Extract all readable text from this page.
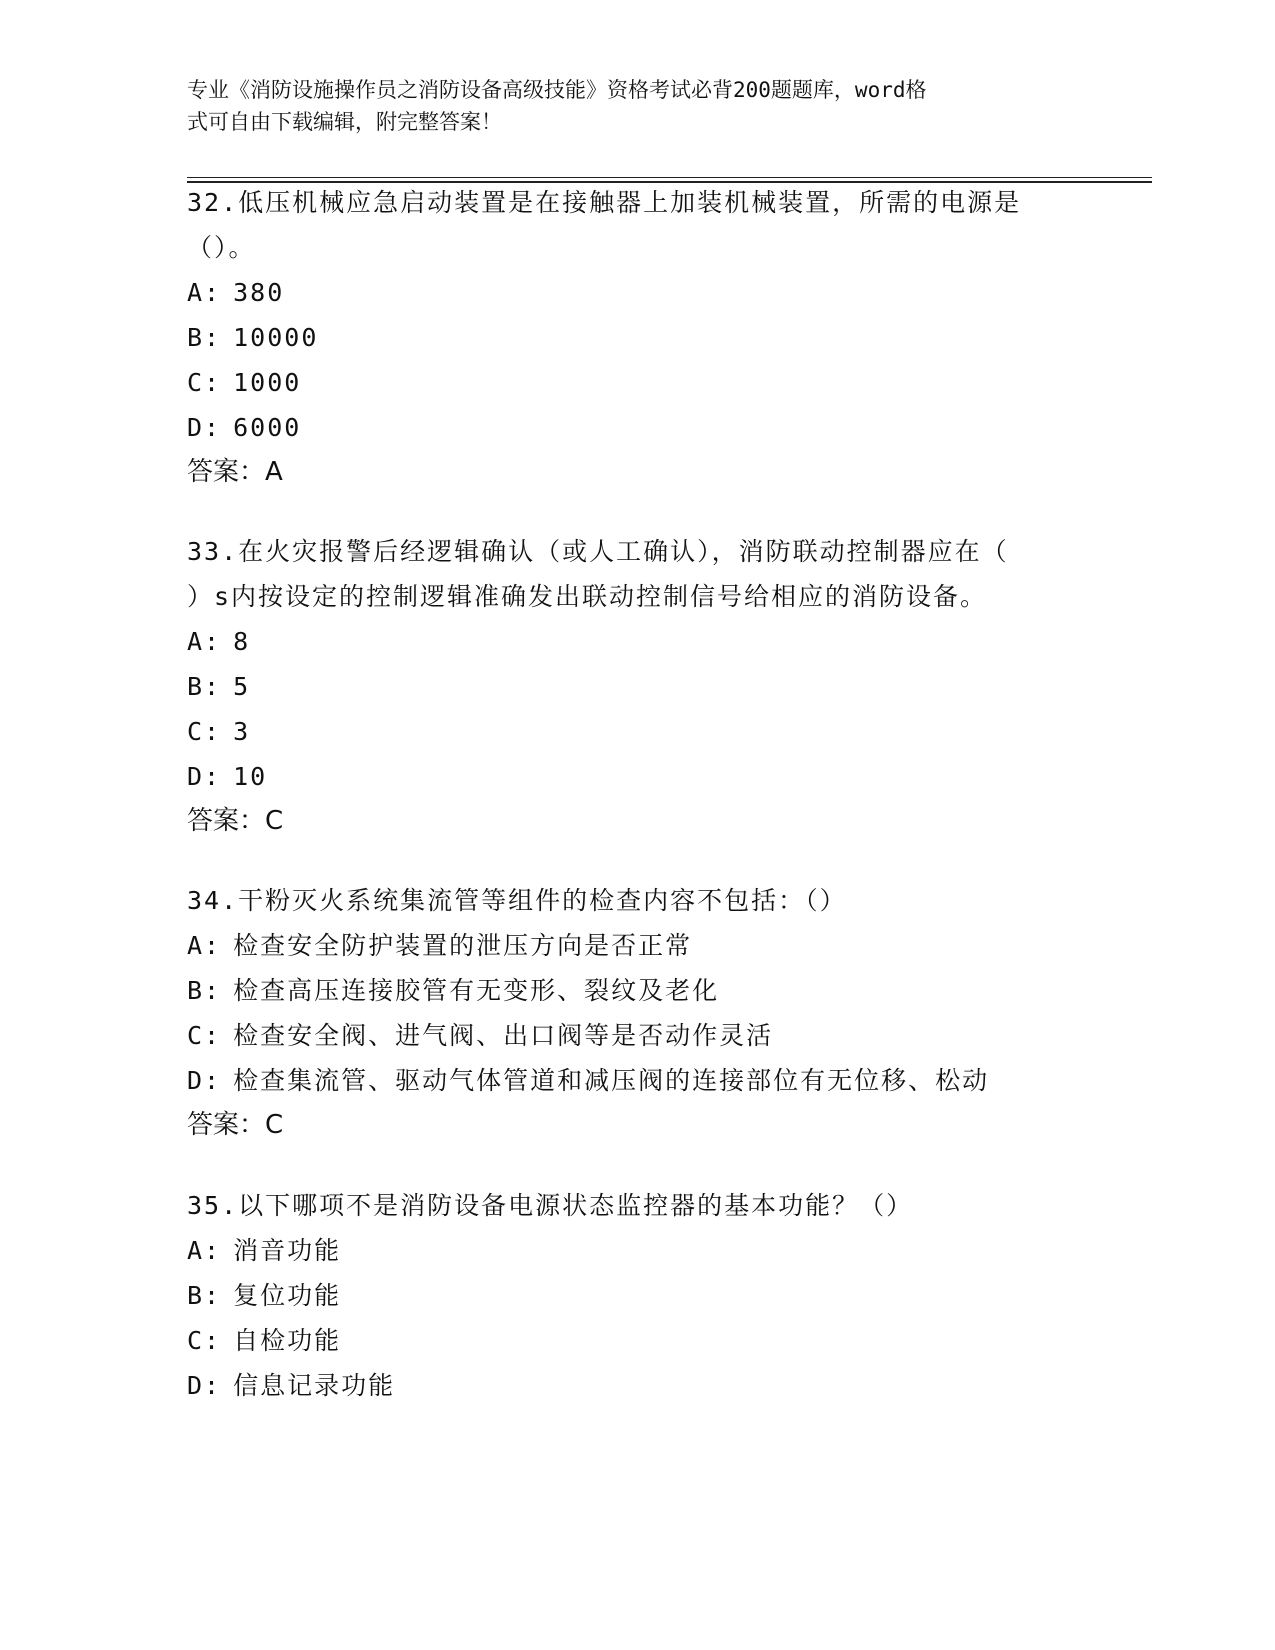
专业《消防设施操作员之消防设备高级技能》资格考试必背200题题库，word格
式可自由下载编辑，附完整答案！

32.低压机械应急启动装置是在接触器上加装机械装置，所需的电源是

（）。

A: 380

B: 10000

C: 1000

D: 6000

答案：A

33.在火灾报警后经逻辑确认（或人工确认），消防联动控制器应在（

）s内按设定的控制逻辑准确发出联动控制信号给相应的消防设备。

A: 8

B: 5

C: 3

D: 10

答案：C

34.干粉灭火系统集流管等组件的检查内容不包括：（）

A: 检查安全防护装置的泄压方向是否正常

B: 检查高压连接胶管有无变形、裂纹及老化

C: 检查安全阀、进气阀、出口阀等是否动作灵活

D: 检查集流管、驱动气体管道和减压阀的连接部位有无位移、松动

答案：C

35.以下哪项不是消防设备电源状态监控器的基本功能？（）

A: 消音功能

B: 复位功能

C: 自检功能

D: 信息记录功能
